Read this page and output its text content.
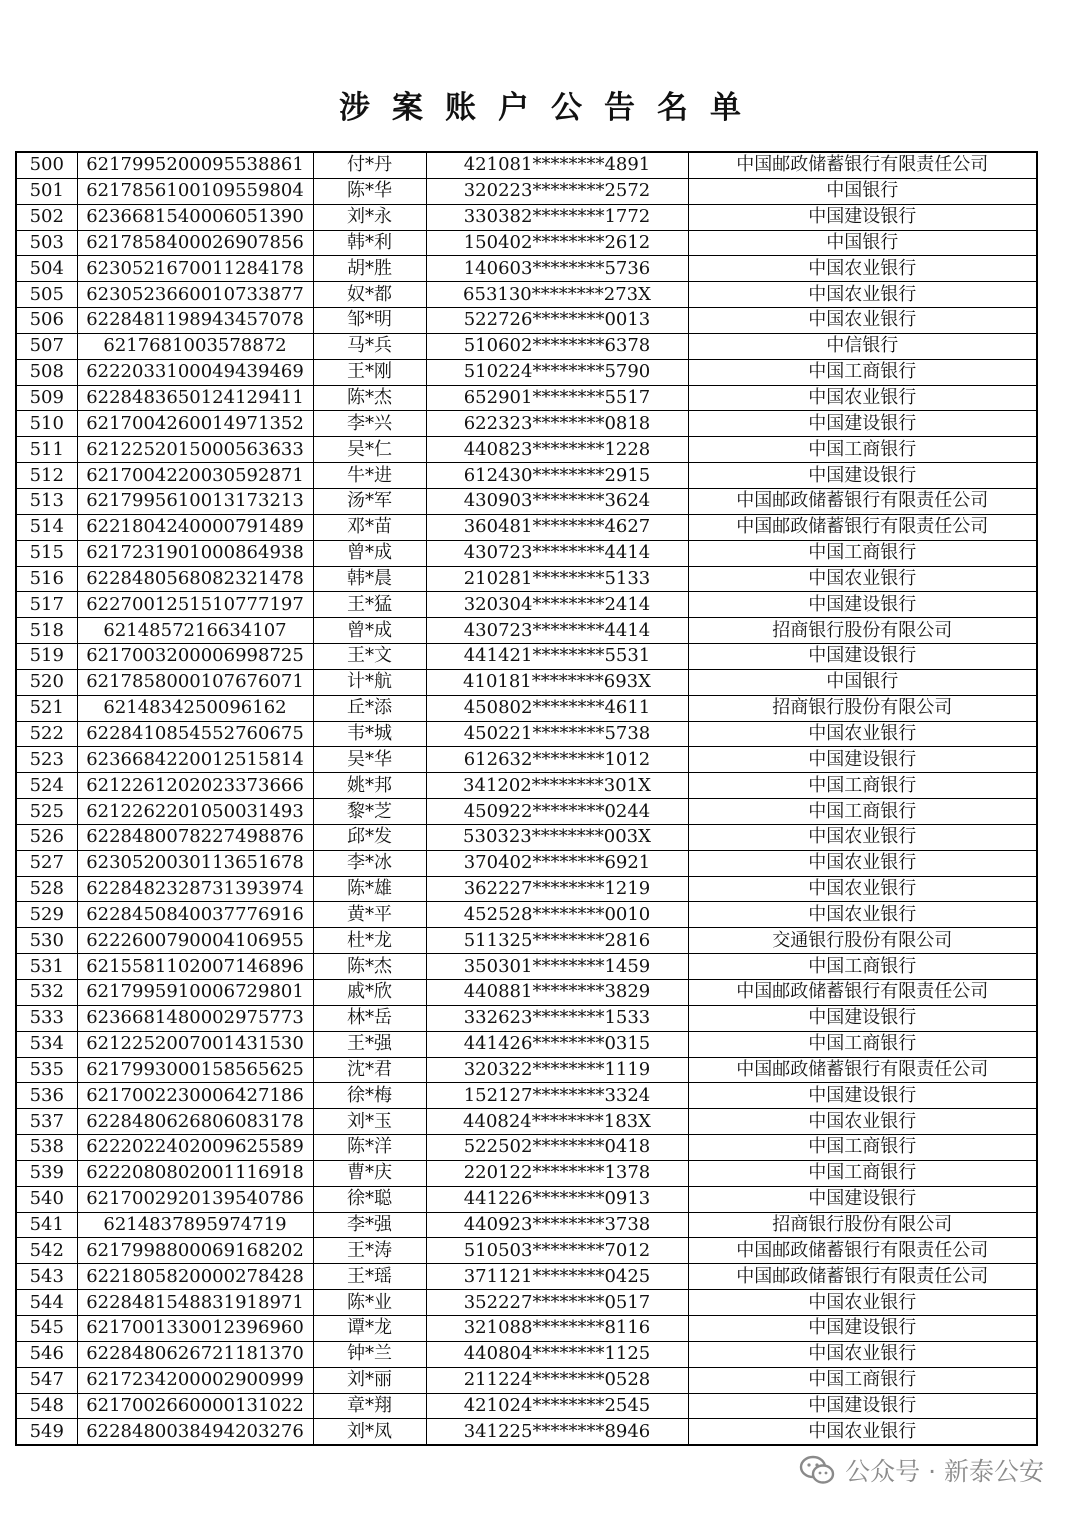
涉案账户公告名单
500	6217995200095538861	付*丹	421081********4891	中国邮政储蓄银行有限责任公司
501	6217856100109559804	陈*华	320223********2572	中国银行
502	6236681540006051390	刘*永	330382********1772	中国建设银行
503	6217858400026907856	韩*利	150402********2612	中国银行
504	6230521670011284178	胡*胜	140603********5736	中国农业银行
505	6230523660010733877	奴*都	653130********273X	中国农业银行
506	6228481198943457078	邹*明	522726********0013	中国农业银行
507	6217681003578872	马*兵	510602********6378	中信银行
508	6222033100049439469	王*刚	510224********5790	中国工商银行
509	6228483650124129411	陈*杰	652901********5517	中国农业银行
510	6217004260014971352	李*兴	622323********0818	中国建设银行
511	6212252015000563633	吴*仁	440823********1228	中国工商银行
512	6217004220030592871	牛*进	612430********2915	中国建设银行
513	6217995610013173213	汤*军	430903********3624	中国邮政储蓄银行有限责任公司
514	6221804240000791489	邓*苗	360481********4627	中国邮政储蓄银行有限责任公司
515	6217231901000864938	曾*成	430723********4414	中国工商银行
516	6228480568082321478	韩*晨	210281********5133	中国农业银行
517	6227001251510777197	王*猛	320304********2414	中国建设银行
518	6214857216634107	曾*成	430723********4414	招商银行股份有限公司
519	6217003200006998725	王*文	441421********5531	中国建设银行
520	6217858000107676071	计*航	410181********693X	中国银行
521	6214834250096162	丘*添	450802********4611	招商银行股份有限公司
522	6228410854552760675	韦*城	450221********5738	中国农业银行
523	6236684220012515814	吴*华	612632********1012	中国建设银行
524	6212261202023373666	姚*邦	341202********301X	中国工商银行
525	6212262201050031493	黎*芝	450922********0244	中国工商银行
526	6228480078227498876	邱*发	530323********003X	中国农业银行
527	6230520030113651678	李*冰	370402********6921	中国农业银行
528	6228482328731393974	陈*雄	362227********1219	中国农业银行
529	6228450840037776916	黄*平	452528********0010	中国农业银行
530	6222600790004106955	杜*龙	511325********2816	交通银行股份有限公司
531	6215581102007146896	陈*杰	350301********1459	中国工商银行
532	6217995910006729801	戚*欣	440881********3829	中国邮政储蓄银行有限责任公司
533	6236681480002975773	林*岳	332623********1533	中国建设银行
534	6212252007001431530	王*强	441426********0315	中国工商银行
535	6217993000158565625	沈*君	320322********1119	中国邮政储蓄银行有限责任公司
536	6217002230006427186	徐*梅	152127********3324	中国建设银行
537	6228480626806083178	刘*玉	440824********183X	中国农业银行
538	6222022402009625589	陈*洋	522502********0418	中国工商银行
539	6222080802001116918	曹*庆	220122********1378	中国工商银行
540	6217002920139540786	徐*聪	441226********0913	中国建设银行
541	6214837895974719	李*强	440923********3738	招商银行股份有限公司
542	6217998800069168202	王*涛	510503********7012	中国邮政储蓄银行有限责任公司
543	6221805820000278428	王*瑶	371121********0425	中国邮政储蓄银行有限责任公司
544	6228481548831918971	陈*业	352227********0517	中国农业银行
545	6217001330012396960	谭*龙	321088********8116	中国建设银行
546	6228480626721181370	钟*兰	440804********1125	中国农业银行
547	6217234200002900999	刘*丽	211224********0528	中国工商银行
548	6217002660000131022	章*翔	421024********2545	中国建设银行
549	6228480038494203276	刘*凤	341225********8946	中国农业银行
公众号 · 新泰公安
